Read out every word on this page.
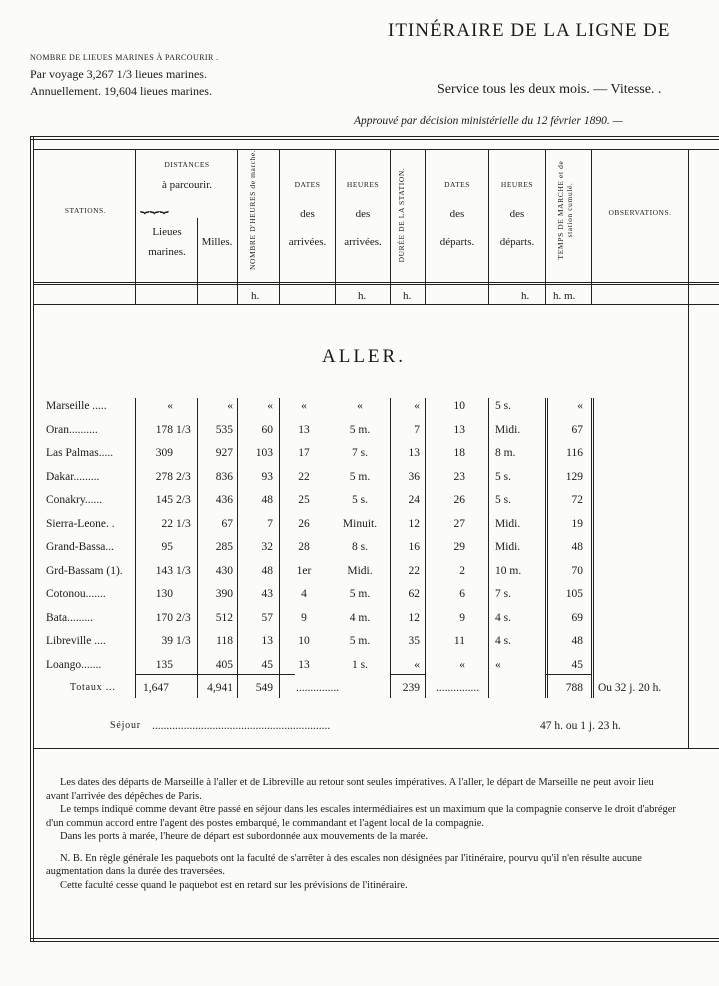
ITINÉRAIRE DE LA LIGNE DE
NOMBRE DE LIEUES MARINES À PARCOURIR .
Par voyage 3,267 1/3 lieues marines.
Annuellement. 19,604 lieues marines.	Service tous les deux mois. — Vitesse. .
Approuvé par décision ministérielle du 12 février 1890. —
STATIONS.
DISTANCES
à parcourir.
⏟⏟⏟
Lieues
marines.
Milles.	NOMBRE D'HEURES de marche.	DATES
des
arrivées.
HEURES
des
arrivées.	DURÉE DE LA STATION.	DATES
des
départs.
HEURES
des
départs.	TEMPS DE MARCHE et de station cumulé.	OBSERVATIONS.
h.	h.	h.	h. h. m.
ALLER.
Marseille .....	«	«	«	«	«	«	10	5 s.	«
Oran..........	178 1/3	535	60	13	5 m.	7	13	Midi.	67
Las Palmas.....	309	927	103	17	7 s.	13	18	8 m.	116
Dakar.........	278 2/3	836	93	22	5 m.	36	23	5 s.	129
Conakry......	145 2/3	436	48	25	5 s.	24	26	5 s.	72
Sierra-Leone. .	22 1/3	67	7	26	Minuit.	12	27	Midi.	19
Grand-Bassa...	95	285	32	28	8 s.	16	29	Midi.	48
Grd-Bassam (1).	143 1/3	430	48	1er	Midi.	22	2	10 m.	70
Cotonou.......	130	390	43	4	5 m.	62	6	7 s.	105
Bata.........	170 2/3	512	57	9	4 m.	12	9	4 s.	69
Libreville ....	39 1/3	118	13	10	5 m.	35	11	4 s.	48
Loango.......	135	405	45	13	1 s.	«	«	«	45
Totaux ... 1,647	4,941	549 ...............	239 ...............	788 Ou 32 j. 20 h.
Séjour ..............................................................	47 h. ou 1 j. 23 h.

Les dates des départs de Marseille à l'aller et de Libreville au retour sont seules impératives. A l'aller, le départ de Marseille ne peut avoir lieu avant l'arrivée des dépêches de Paris.

Le temps indiqué comme devant être passé en séjour dans les escales intermédiaires est un maximum que la compagnie conserve le droit d'abréger d'un commun accord entre l'agent des postes embarqué, le commandant et l'agent local de la compagnie.

Dans les ports à marée, l'heure de départ est subordonnée aux mouvements de la marée.

N. B. En règle générale les paquebots ont la faculté de s'arrêter à des escales non désignées par l'itinéraire, pourvu qu'il n'en résulte aucune augmentation dans la durée des traversées.

Cette faculté cesse quand le paquebot est en retard sur les prévisions de l'itinéraire.
